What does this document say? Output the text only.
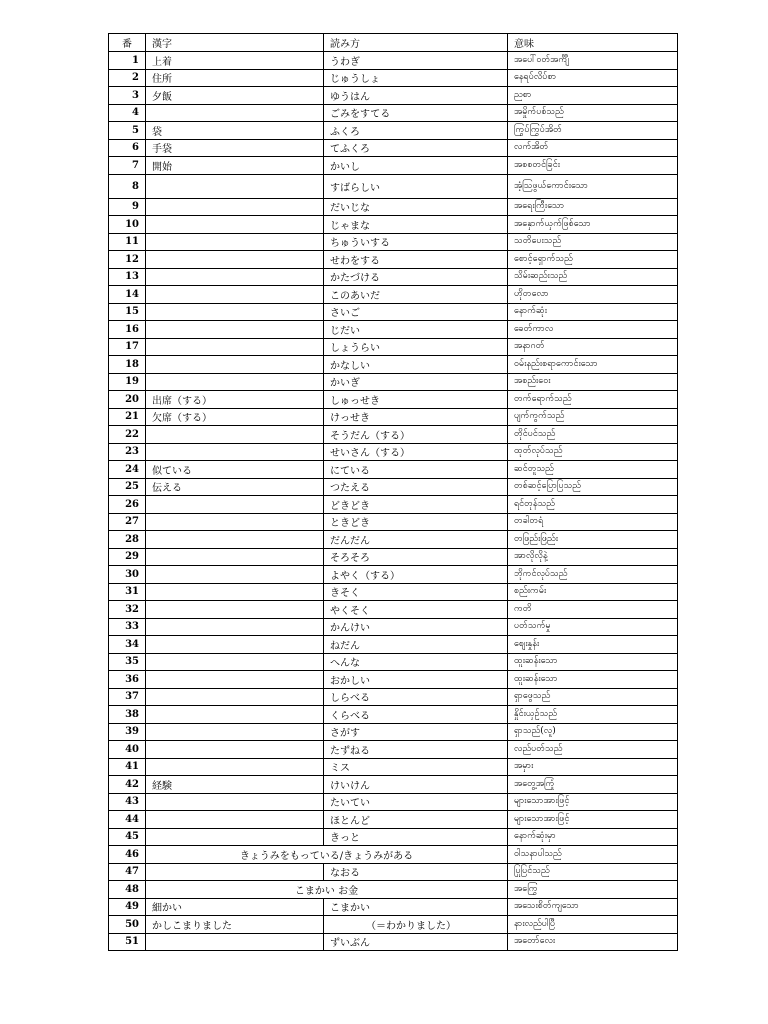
番	漢字	読み方	意味
1	上着	うわぎ	အပေါ်ဝတ်အင်္ကျီ
2	住所	じゅうしょ	နေရပ်လိပ်စာ
3	夕飯	ゆうはん	ညစာ
4		ごみをすてる	အမှိုက်ပစ်သည်
5	袋	ふくろ	ကြွပ်ကြွပ်အိတ်
6	手袋	てふくろ	လက်အိတ်
7	開始	かいし	အစစတင်ခြင်း
8		すばらしい	အံ့သြဖွယ်ကောင်းသော
9		だいじな	အရေးကြီးသော
10		じゃまな	အနှောက်ယှက်ဖြစ်သော
11		ちゅういする	သတိပေးသည်
12		せわをする	စောင့်ရှောက်သည်
13		かたづける	သိမ်းဆည်းသည်
14		このあいだ	ဟိုတလော
15		さいご	နောက်ဆုံး
16		じだい	ခေတ်ကာလ
17		しょうらい	အနာဂတ်
18		かなしい	ဝမ်းနည်းစရာကောင်းသော
19		かいぎ	အစည်းဝေး
20	出席（する）	しゅっせき	တက်ရောက်သည်
21	欠席（する）	けっせき	ပျက်ကွက်သည်
22		そうだん（する）	တိုင်ပင်သည်
23		せいさん（する）	ထုတ်လုပ်သည်
24	似ている	にている	ဆင်တူသည်
25	伝える	つたえる	တစ်ဆင့်ပြောပြသည်
26		どきどき	ရင်တုန်သည်
27		ときどき	တခါတရံ
28		だんだん	တဖြည်းဖြည်း
29		そろそろ	အာလိုလိုနဲ့
30		よやく（する）	ဘိုကင်လုပ်သည်
31		きそく	စည်းကမ်း
32		やくそく	ကတိ
33		かんけい	ပတ်သက်မှု
34		ねだん	စျေးနှုန်း
35		へんな	ထူးဆန်းသော
36		おかしい	ထူးဆန်းသော
37		しらべる	ရှာဖွေသည်
38		くらべる	နှိုင်းယှဉ်သည်
39		さがす	ရှာသည်(လူ)
40		たずねる	လည်ပတ်သည်
41		ミス	အမှား
42	経験	けいけん	အတွေ့အကြုံ
43		たいてい	များသောအားဖြင့်
44		ほとんど	များသောအားဖြင့်
45		きっと	နောက်ဆုံးမှာ
46	きょうみをもっている/きょうみがある		ဝါသနာပါသည်
47		なおる	ပြုပြင်သည်
48	こまかい お金		အကြွေ
49	細かい	こまかい	အသေးစိတ်ကျသော
50	かしこまりました	（＝わかりました）	နားလည်ပါပြီ
51		ずいぶん	အတော်လေး
